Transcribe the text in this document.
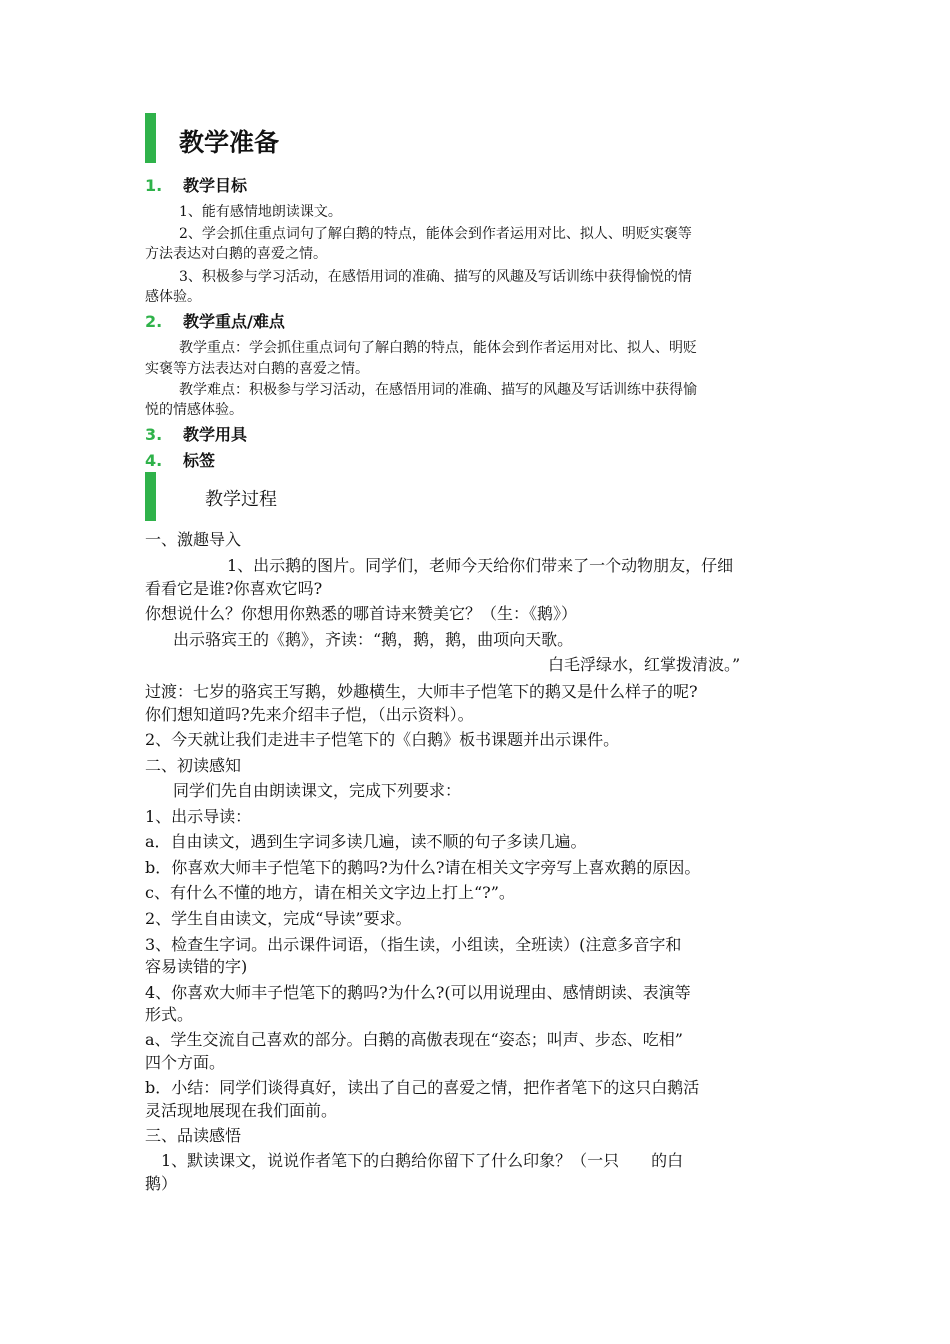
教学准备
1.	教学目标

1、能有感情地朗读课文。

2、学会抓住重点词句了解白鹅的特点，能体会到作者运用对比、拟人、明贬实褒等

方法表达对白鹅的喜爱之情。

3、积极参与学习活动，在感悟用词的准确、描写的风趣及写话训练中获得愉悦的情

感体验。

2.	教学重点/难点

教学重点：学会抓住重点词句了解白鹅的特点，能体会到作者运用对比、拟人、明贬

实褒等方法表达对白鹅的喜爱之情。

教学难点：积极参与学习活动，在感悟用词的准确、描写的风趣及写话训练中获得愉

悦的情感体验。

3.	教学用具
4.	标签
教学过程

一、激趣导入

1、出示鹅的图片。同学们，老师今天给你们带来了一个动物朋友，仔细

看看它是谁?你喜欢它吗?

你想说什么？你想用你熟悉的哪首诗来赞美它？（生：《鹅》）

出示骆宾王的《鹅》，齐读：“鹅，鹅，鹅，曲项向天歌。

白毛浮绿水，红掌拨清波。”

过渡：七岁的骆宾王写鹅，妙趣横生，大师丰子恺笔下的鹅又是什么样子的呢?

你们想知道吗?先来介绍丰子恺，（出示资料）。

2、今天就让我们走进丰子恺笔下的《白鹅》板书课题并出示课件。

二、初读感知

同学们先自由朗读课文，完成下列要求：

1、出示导读：

a．自由读文，遇到生字词多读几遍，读不顺的句子多读几遍。

b．你喜欢大师丰子恺笔下的鹅吗?为什么?请在相关文字旁写上喜欢鹅的原因。

c、有什么不懂的地方，请在相关文字边上打上“?”。

2、学生自由读文，完成“导读”要求。

3、检查生字词。出示课件词语，（指生读，小组读，全班读）(注意多音字和

容易读错的字)

4、你喜欢大师丰子恺笔下的鹅吗?为什么?(可以用说理由、感情朗读、表演等

形式。

a、学生交流自己喜欢的部分。白鹅的高傲表现在“姿态；叫声、步态、吃相”

四个方面。

b．小结：同学们谈得真好，读出了自己的喜爱之情，把作者笔下的这只白鹅活

灵活现地展现在我们面前。

三、品读感悟

1、默读课文，说说作者笔下的白鹅给你留下了什么印象？（一只　　的白

鹅）
